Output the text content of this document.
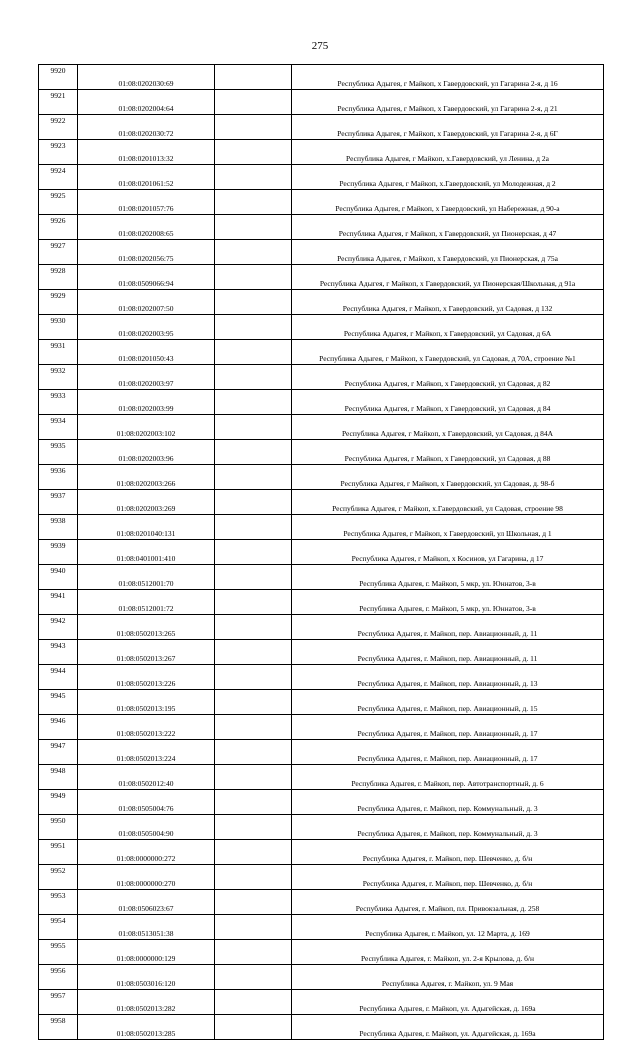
275
9920	01:08:0202030:69		Республика Адыгея, г Майкоп, х Гавердовский, ул Гагарина 2-я, д 16
9921	01:08:0202004:64		Республика Адыгея, г Майкоп, х Гавердовский, ул Гагарина 2-я, д 21
9922	01:08:0202030:72		Республика Адыгея, г Майкоп, х Гавердовский, ул Гагарина 2-я, д 6Г
9923	01:08:0201013:32		Республика Адыгея, г Майкоп, х.Гавердовский, ул Ленина, д 2а
9924	01:08:0201061:52		Республика Адыгея, г Майкоп, х.Гавердовский, ул Молодежная, д 2
9925	01:08:0201057:76		Республика Адыгея, г Майкоп, х Гавердовский, ул Набережная, д 90-а
9926	01:08:0202008:65		Республика Адыгея, г Майкоп, х Гавердовский, ул Пионерская, д 47
9927	01:08:0202056:75		Республика Адыгея, г Майкоп, х Гавердовский, ул Пионерская, д 75а
9928	01:08:0509066:94		Республика Адыгея, г Майкоп, х Гавердовский, ул Пионерская/Школьная, д 91а
9929	01:08:0202007:50		Республика Адыгея, г Майкоп, х Гавердовский, ул Садовая, д 132
9930	01:08:0202003:95		Республика Адыгея, г Майкоп, х Гавердовский, ул Садовая, д 6А
9931	01:08:0201050:43		Республика Адыгея, г Майкоп, х Гавердовский, ул Садовая, д 70А, строение №1
9932	01:08:0202003:97		Республика Адыгея, г Майкоп, х Гавердовский, ул Садовая, д 82
9933	01:08:0202003:99		Республика Адыгея, г Майкоп, х Гавердовский, ул Садовая, д 84
9934	01:08:0202003:102		Республика Адыгея, г Майкоп, х Гавердовский, ул Садовая, д 84А
9935	01:08:0202003:96		Республика Адыгея, г Майкоп, х Гавердовский, ул Садовая, д 88
9936	01:08:0202003:266		Республика Адыгея, г Майкоп, х Гавердовский, ул Садовая, д. 98-б
9937	01:08:0202003:269		Республика Адыгея, г Майкоп, х.Гавердовский, ул Садовая, строение 98
9938	01:08:0201040:131		Республика Адыгея, г Майкоп, х Гавердовский, ул Школьная, д 1
9939	01:08:0401001:410		Республика Адыгея, г Майкоп, х Косинов, ул Гагарина, д 17
9940	01:08:0512001:70		Республика Адыгея, г. Майкоп, 5 мкр, ул. Юннатов, 3-в
9941	01:08:0512001:72		Республика Адыгея, г. Майкоп, 5 мкр, ул. Юннатов, 3-в
9942	01:08:0502013:265		Республика Адыгея, г. Майкоп, пер. Авиационный, д. 11
9943	01:08:0502013:267		Республика Адыгея, г. Майкоп, пер. Авиационный, д. 11
9944	01:08:0502013:226		Республика Адыгея, г. Майкоп, пер. Авиационный, д. 13
9945	01:08:0502013:195		Республика Адыгея, г. Майкоп, пер. Авиационный, д. 15
9946	01:08:0502013:222		Республика Адыгея, г. Майкоп, пер. Авиационный, д. 17
9947	01:08:0502013:224		Республика Адыгея, г. Майкоп, пер. Авиационный, д. 17
9948	01:08:0502012:40		Республика Адыгея, г. Майкоп, пер. Автотранспортный, д. 6
9949	01:08:0505004:76		Республика Адыгея, г. Майкоп, пер. Коммунальный, д. 3
9950	01:08:0505004:90		Республика Адыгея, г. Майкоп, пер. Коммунальный, д. 3
9951	01:08:0000000:272		Республика Адыгея, г. Майкоп, пер. Шевченко, д. б/н
9952	01:08:0000000:270		Республика Адыгея, г. Майкоп, пер. Шевченко, д. б/н
9953	01:08:0506023:67		Республика Адыгея, г. Майкоп, пл. Привокзальная, д. 258
9954	01:08:0513051:38		Республика Адыгея, г. Майкоп, ул. 12 Марта, д. 169
9955	01:08:0000000:129		Республика Адыгея, г. Майкоп, ул. 2-я Крылова, д. б/н
9956	01:08:0503016:120		Республика Адыгея, г. Майкоп, ул. 9 Мая
9957	01:08:0502013:282		Республика Адыгея, г. Майкоп, ул. Адыгейская, д. 169а
9958	01:08:0502013:285		Республика Адыгея, г. Майкоп, ул. Адыгейская, д. 169а
